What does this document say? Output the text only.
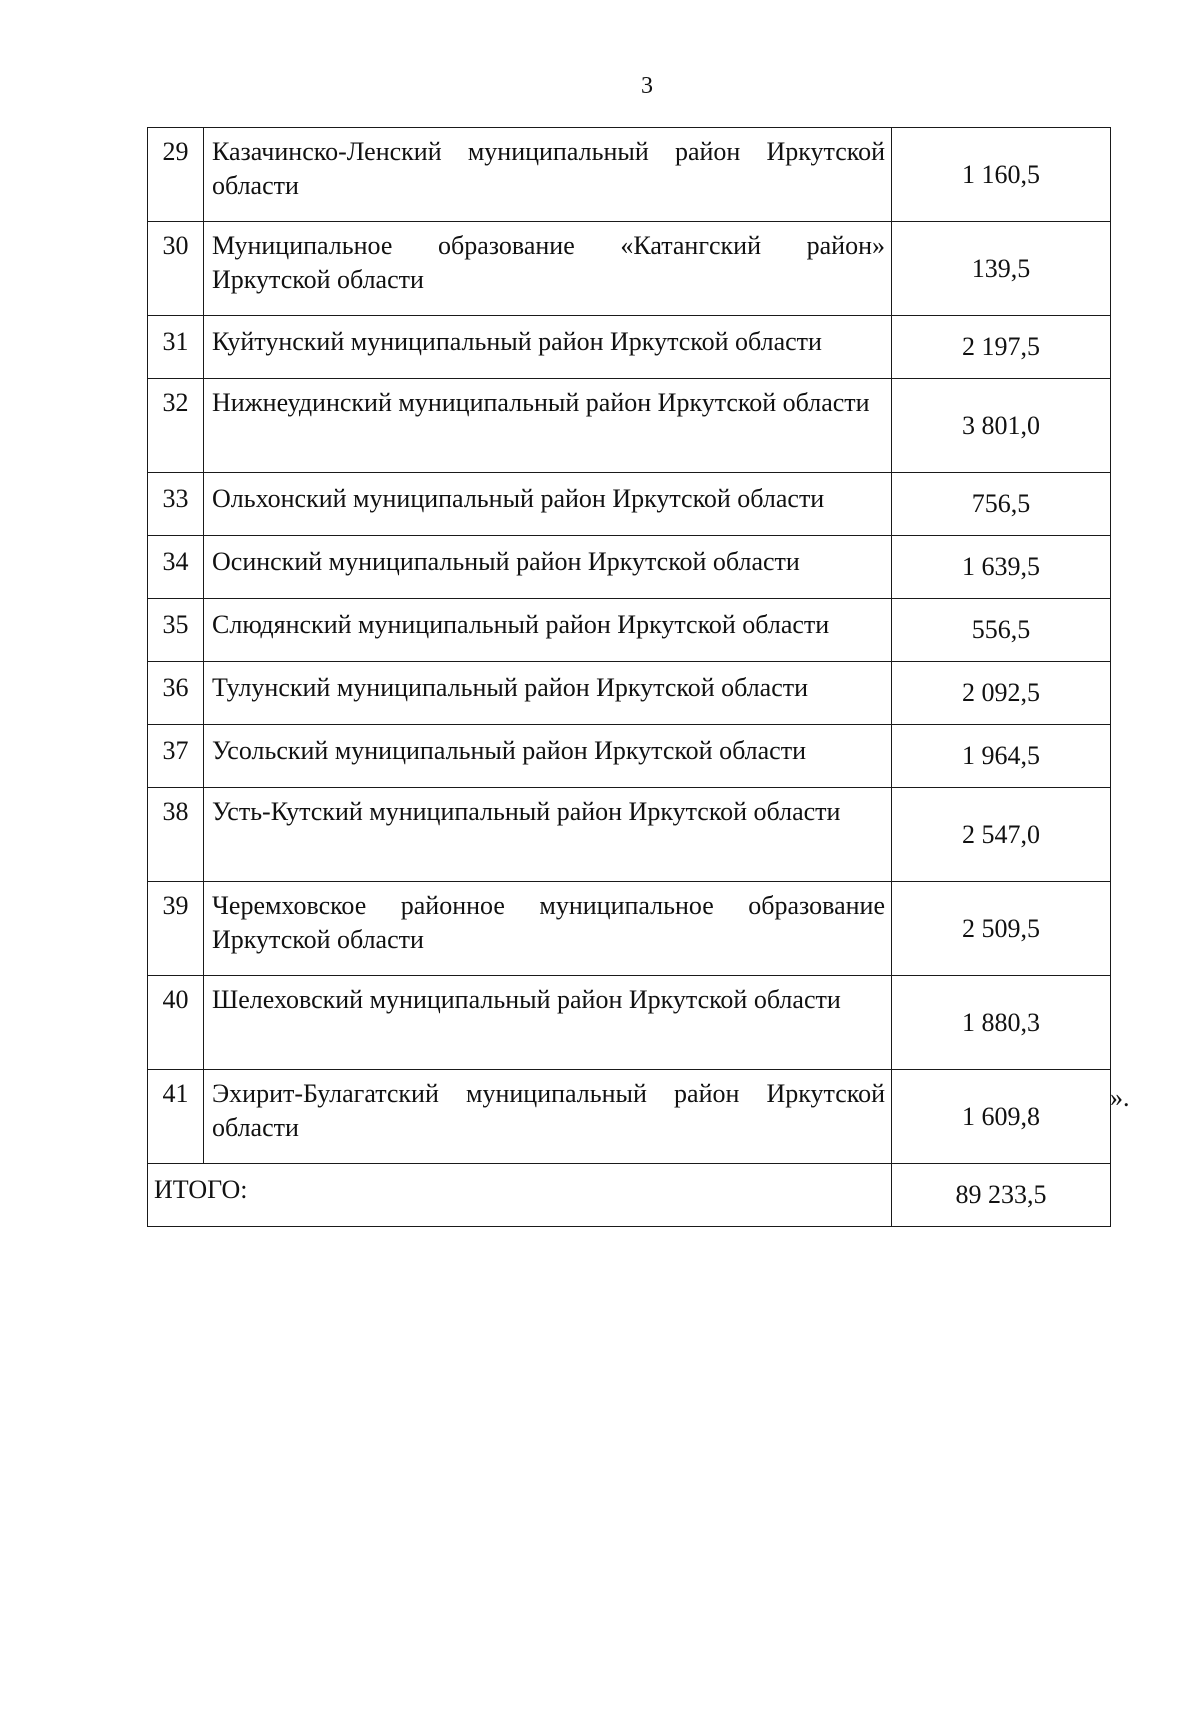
3
29	Казачинско-Ленский муниципальный район Иркутской области	1 160,5
30	Муниципальное образование «Катангский район» Иркутской области	139,5
31	Куйтунский муниципальный район Иркутской области	2 197,5
32	Нижнеудинский муниципальный район Иркутской области	3 801,0
33	Ольхонский муниципальный район Иркутской области	756,5
34	Осинский муниципальный район Иркутской области	1 639,5
35	Слюдянский муниципальный район Иркутской области	556,5
36	Тулунский муниципальный район Иркутской области	2 092,5
37	Усольский муниципальный район Иркутской области	1 964,5
38	Усть-Кутский муниципальный район Иркутской области	2 547,0
39	Черемховское районное муниципальное образование Иркутской области	2 509,5
40	Шелеховский муниципальный район Иркутской области	1 880,3
41	Эхирит-Булагатский муниципальный район Иркутской области	1 609,8
ИТОГО:		89 233,5
».
